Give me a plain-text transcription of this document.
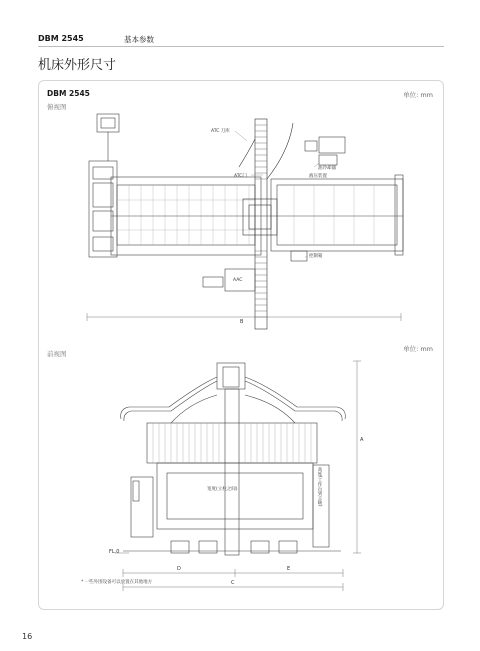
DBM 2545	基本参数
机床外形尺寸
DBM 2545	单位: mm
俯视图
ATC 刀库
ATC门
油冷却器
液压装置
控制箱
AAC
B
前视图
单位: mm
宽度(立柱之间)	高度(工作台到主轴)
FL.0
A
D	E
C
* 一些外围设备可以放置在其他地方
16
